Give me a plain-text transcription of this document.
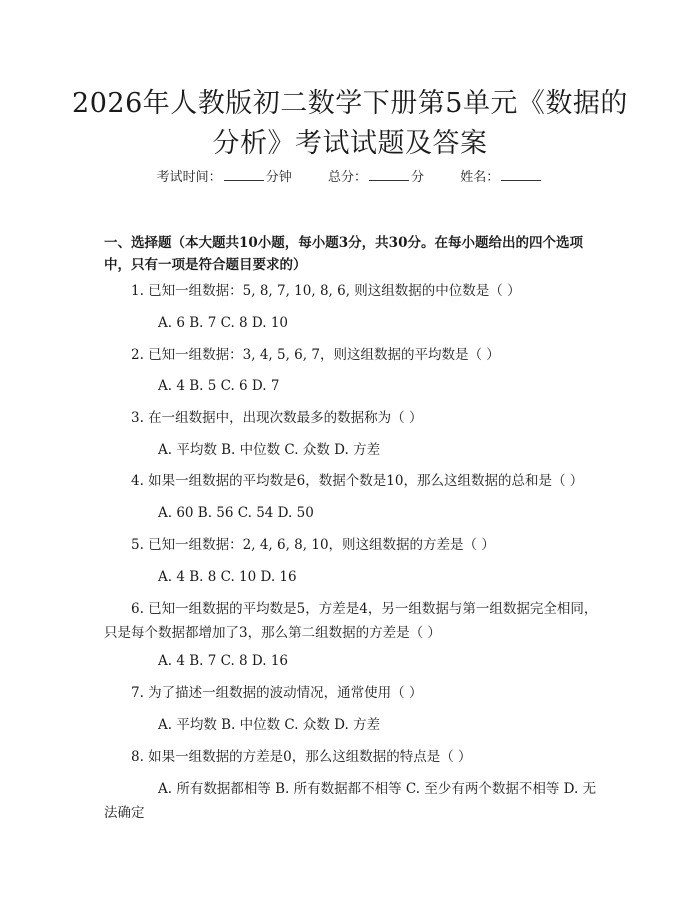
2026年人教版初二数学下册第5单元《数据的分析》考试试题及答案
考试时间：	分钟	总分：	分	姓名：
一、选择题（本大题共10小题，每小题3分，共30分。在每小题给出的四个选项中，只有一项是符合题目要求的）
1. 已知一组数据：5, 8, 7, 10, 8, 6, 则这组数据的中位数是（ ）
A. 6 B. 7 C. 8 D. 10
2. 已知一组数据：3, 4, 5, 6, 7，则这组数据的平均数是（ ）
A. 4 B. 5 C. 6 D. 7
3. 在一组数据中，出现次数最多的数据称为（ ）
A. 平均数 B. 中位数 C. 众数 D. 方差
4. 如果一组数据的平均数是6，数据个数是10，那么这组数据的总和是（ ）
A. 60 B. 56 C. 54 D. 50
5. 已知一组数据：2, 4, 6, 8, 10，则这组数据的方差是（ ）
A. 4 B. 8 C. 10 D. 16
6. 已知一组数据的平均数是5，方差是4，另一组数据与第一组数据完全相同，只是每个数据都增加了3，那么第二组数据的方差是（ ）
A. 4 B. 7 C. 8 D. 16
7. 为了描述一组数据的波动情况，通常使用（ ）
A. 平均数 B. 中位数 C. 众数 D. 方差
8. 如果一组数据的方差是0，那么这组数据的特点是（ ）
A. 所有数据都相等 B. 所有数据都不相等 C. 至少有两个数据不相等 D. 无法确定
